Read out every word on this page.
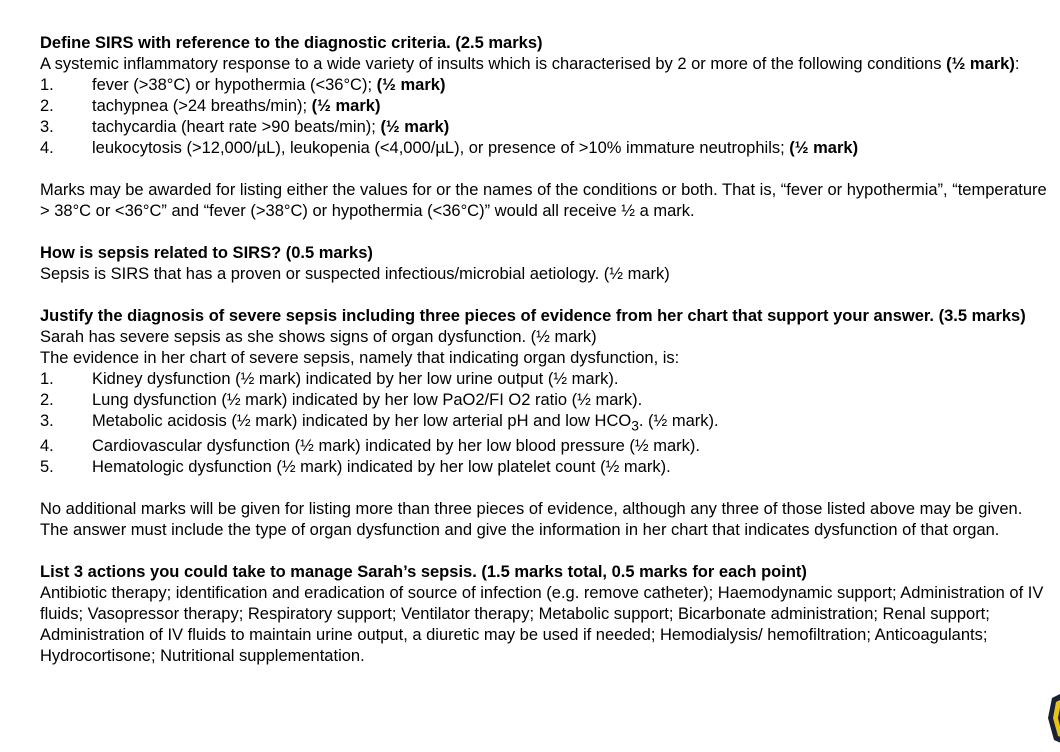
Define SIRS with reference to the diagnostic criteria. (2.5 marks)
A systemic inflammatory response to a wide variety of insults which is characterised by 2 or more of the following conditions (½ mark):
1.	fever (>38°C) or hypothermia (<36°C); (½ mark)
2.	tachypnea (>24 breaths/min); (½ mark)
3.	tachycardia (heart rate >90 beats/min); (½ mark)
4.	leukocytosis (>12,000/µL), leukopenia (<4,000/µL), or presence of >10% immature neutrophils; (½ mark)
Marks may be awarded for listing either the values for or the names of the conditions or both. That is, “fever or hypothermia”, “temperature > 38°C or <36°C” and “fever (>38°C) or hypothermia (<36°C)” would all receive ½ a mark.
How is sepsis related to SIRS? (0.5 marks)
Sepsis is SIRS that has a proven or suspected infectious/microbial aetiology. (½ mark)
Justify the diagnosis of severe sepsis including three pieces of evidence from her chart that support your answer. (3.5 marks)
Sarah has severe sepsis as she shows signs of organ dysfunction. (½ mark)
The evidence in her chart of severe sepsis, namely that indicating organ dysfunction, is:
1.	Kidney dysfunction (½ mark) indicated by her low urine output (½ mark).
2.	Lung dysfunction (½ mark) indicated by her low PaO2/FI O2 ratio (½ mark).
3.	Metabolic acidosis (½ mark) indicated by her low arterial pH and low $HCO_3$. (½ mark).
4.	Cardiovascular dysfunction (½ mark) indicated by her low blood pressure (½ mark).
5.	Hematologic dysfunction (½ mark) indicated by her low platelet count (½ mark).
No additional marks will be given for listing more than three pieces of evidence, although any three of those listed above may be given. The answer must include the type of organ dysfunction and give the information in her chart that indicates dysfunction of that organ.
List 3 actions you could take to manage Sarah’s sepsis. (1.5 marks total, 0.5 marks for each point)
Antibiotic therapy; identification and eradication of source of infection (e.g. remove catheter); Haemodynamic support; Administration of IV fluids; Vasopressor therapy; Respiratory support; Ventilator therapy; Metabolic support; Bicarbonate administration; Renal support; Administration of IV fluids to maintain urine output, a diuretic may be used if needed; Hemodialysis/ hemofiltration; Anticoagulants; Hydrocortisone; Nutritional supplementation.
